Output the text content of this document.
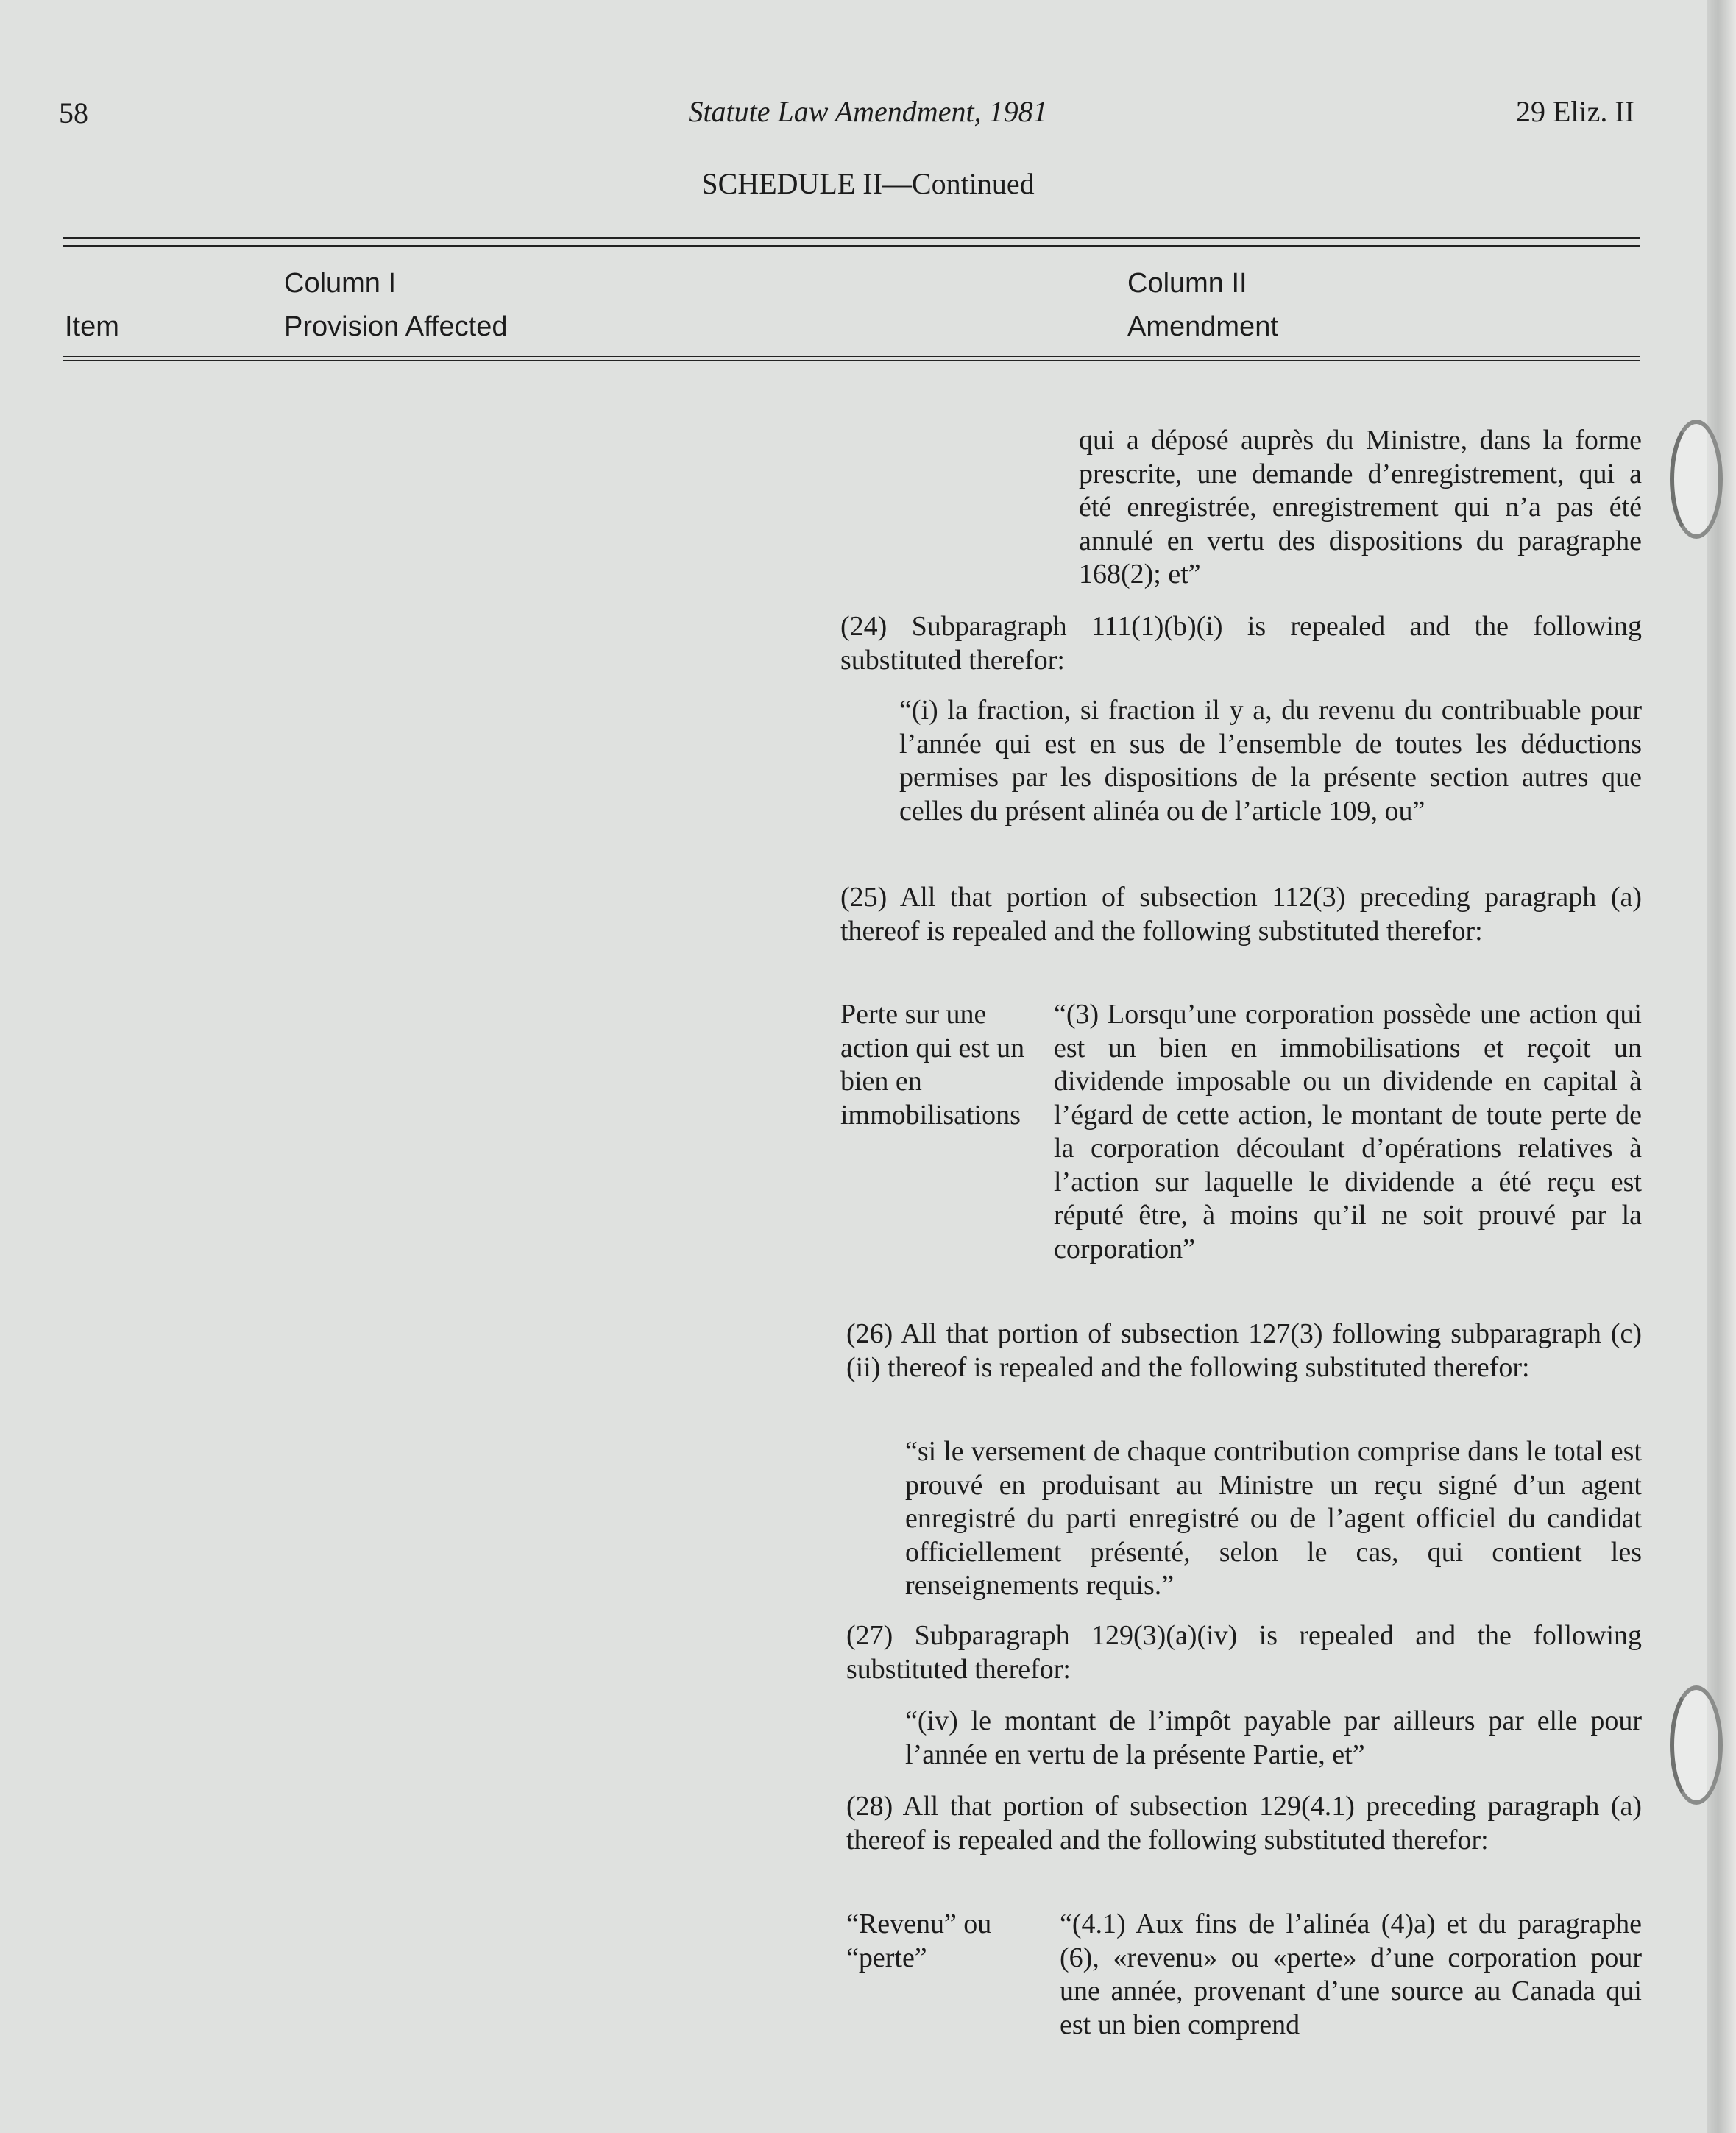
58	Statute Law Amendment, 1981	29 Eliz. II
SCHEDULE II—Continued
Item
Column I
Provision Affected
Column II
Amendment

qui a déposé auprès du Ministre, dans la forme prescrite, une demande d’enregistrement, qui a été enregistrée, enregistrement qui n’a pas été annulé en vertu des dispositions du paragraphe 168(2); et”

(24) Subparagraph 111(1)(b)(i) is repealed and the following substituted therefor:

“(i) la fraction, si fraction il y a, du revenu du contribuable pour l’année qui est en sus de l’ensemble de toutes les déductions permises par les dispositions de la présente section autres que celles du présent alinéa ou de l’article 109, ou”

(25) All that portion of subsection 112(3) preceding paragraph (a) thereof is repealed and the following substituted therefor:

Perte sur une action qui est un bien en immobilisations

“(3) Lorsqu’une corporation possède une action qui est un bien en immobilisations et reçoit un dividende imposable ou un dividende en capital à l’égard de cette action, le montant de toute perte de la corporation découlant d’opérations relatives à l’action sur laquelle le dividende a été reçu est réputé être, à moins qu’il ne soit prouvé par la corporation”

(26) All that portion of subsection 127(3) following subparagraph (c)(ii) thereof is repealed and the following substituted therefor:

“si le versement de chaque contribution comprise dans le total est prouvé en produisant au Ministre un reçu signé d’un agent enregistré du parti enregistré ou de l’agent officiel du candidat officiellement présenté, selon le cas, qui contient les renseignements requis.”

(27) Subparagraph 129(3)(a)(iv) is repealed and the following substituted therefor:

“(iv) le montant de l’impôt payable par ailleurs par elle pour l’année en vertu de la présente Partie, et”

(28) All that portion of subsection 129(4.1) preceding paragraph (a) thereof is repealed and the following substituted therefor:

“Revenu” ou “perte”

“(4.1) Aux fins de l’alinéa (4)a) et du paragraphe (6), «revenu» ou «perte» d’une corporation pour une année, provenant d’une source au Canada qui est un bien comprend
